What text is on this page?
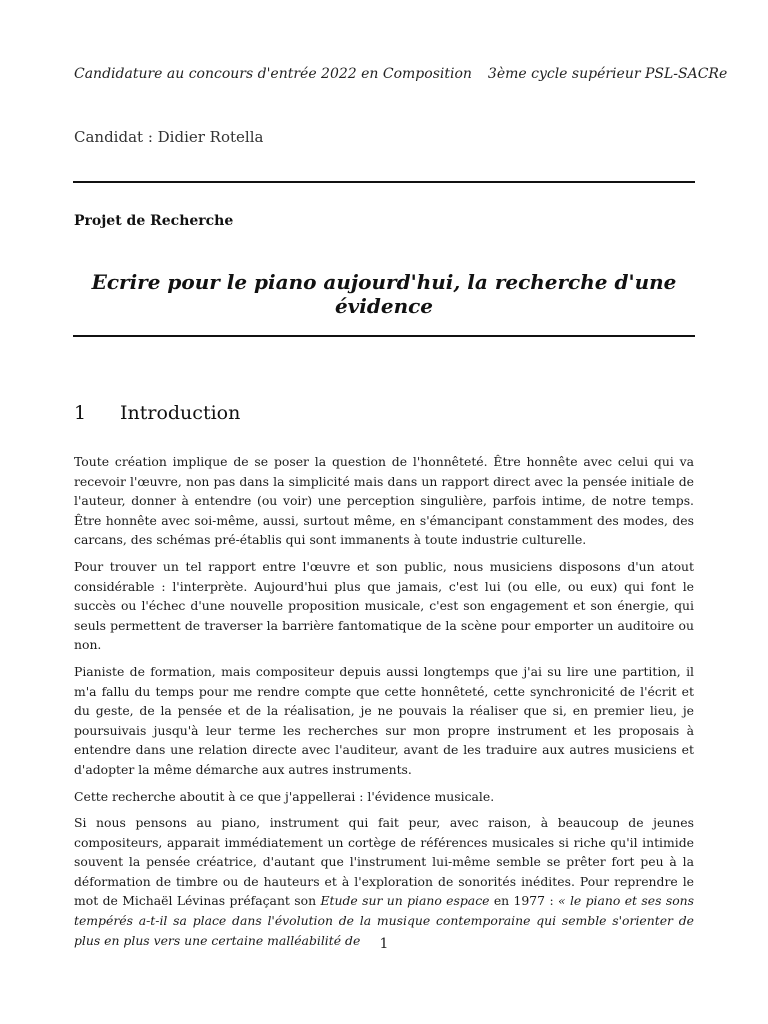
Candidature au concours d'entrée 2022 en Composition 3ème cycle supérieur PSL-SACRe
Candidat : Didier Rotella
Projet de Recherche
Ecrire pour le piano aujourd'hui, la recherche d'une évidence
1 Introduction

Toute création implique de se poser la question de l'honnêteté. Être honnête avec celui qui va recevoir l'œuvre, non pas dans la simplicité mais dans un rapport direct avec la pensée initiale de l'auteur, donner à entendre (ou voir) une perception singulière, parfois intime, de notre temps. Être honnête avec soi-même, aussi, surtout même, en s'émancipant constamment des modes, des carcans, des schémas pré-établis qui sont immanents à toute industrie culturelle.

Pour trouver un tel rapport entre l'œuvre et son public, nous musiciens disposons d'un atout considérable : l'interprète. Aujourd'hui plus que jamais, c'est lui (ou elle, ou eux) qui font le succès ou l'échec d'une nouvelle proposition musicale, c'est son engagement et son énergie, qui seuls permettent de traverser la barrière fantomatique de la scène pour emporter un auditoire ou non.

Pianiste de formation, mais compositeur depuis aussi longtemps que j'ai su lire une partition, il m'a fallu du temps pour me rendre compte que cette honnêteté, cette synchronicité de l'écrit et du geste, de la pensée et de la réalisation, je ne pouvais la réaliser que si, en premier lieu, je poursuivais jusqu'à leur terme les recherches sur mon propre instrument et les proposais à entendre dans une relation directe avec l'auditeur, avant de les traduire aux autres musiciens et d'adopter la même démarche aux autres instruments.

Cette recherche aboutit à ce que j'appellerai : l'évidence musicale.

Si nous pensons au piano, instrument qui fait peur, avec raison, à beaucoup de jeunes compositeurs, apparait immédiatement un cortège de références musicales si riche qu'il intimide souvent la pensée créatrice, d'autant que l'instrument lui-même semble se prêter fort peu à la déformation de timbre ou de hauteurs et à l'exploration de sonorités inédites. Pour reprendre le mot de Michaël Lévinas préfaçant son Etude sur un piano espace en 1977 : « le piano et ses sons tempérés a-t-il sa place dans l'évolution de la musique contemporaine qui semble s'orienter de plus en plus vers une certaine malléabilité de	1
